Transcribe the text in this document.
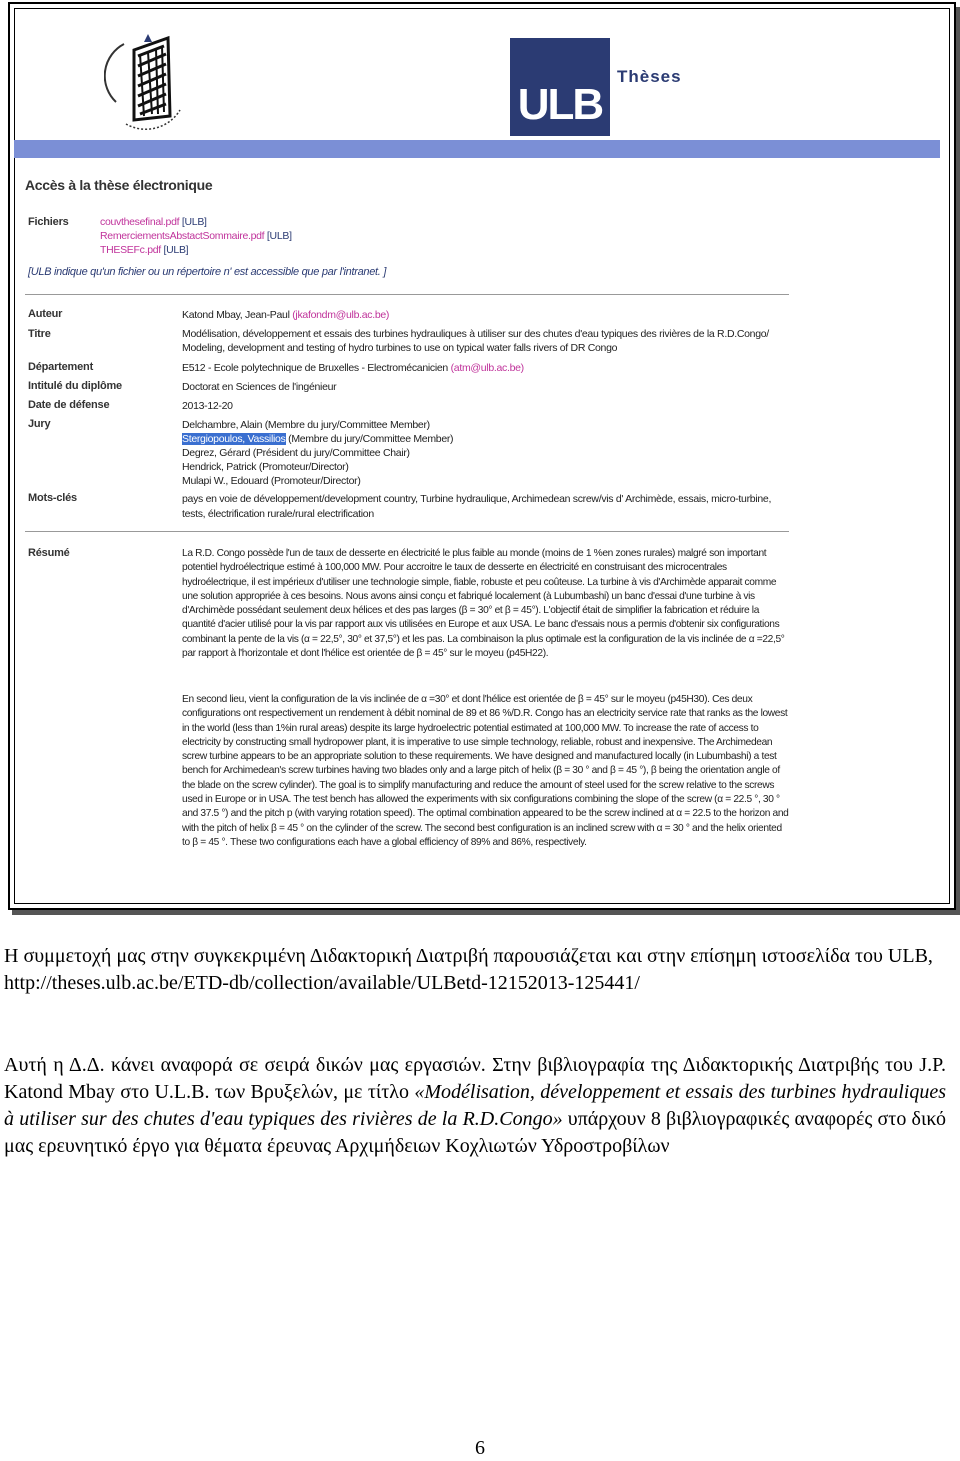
ULB
Thèses
Accès à la thèse électronique
Fichiers	couvthesefinal.pdf [ULB]
RemerciementsAbstactSommaire.pdf [ULB]
THESEFc.pdf [ULB]
[ULB indique qu'un fichier ou un répertoire n' est accessible que par l'intranet. ]
Auteur	Katond Mbay, Jean-Paul (jkafondm@ulb.ac.be)
Titre	Modélisation, développement et essais des turbines hydrauliques à utiliser sur des chutes d'eau typiques des rivières de la R.D.Congo/
Modeling, development and testing of hydro turbines to use on typical water falls rivers of DR Congo
Département	E512 - Ecole polytechnique de Bruxelles - Electromécanicien (atm@ulb.ac.be)
Intitulé du diplôme	Doctorat en Sciences de l'ingénieur
Date de défense	2013-12-20
Jury	Delchambre, Alain (Membre du jury/Committee Member)
Stergiopoulos, Vassilios (Membre du jury/Committee Member)
Degrez, Gérard (Président du jury/Committee Chair)
Hendrick, Patrick (Promoteur/Director)
Mulapi W., Edouard (Promoteur/Director)
Mots-clés	pays en voie de développement/development country, Turbine hydraulique, Archimedean screw/vis d' Archimède, essais, micro-turbine,
tests, électrification rurale/rural electrification
Résumé	La R.D. Congo possède l'un de taux de desserte en électricité le plus faible au monde (moins de 1 %en zones rurales) malgré son important potentiel hydroélectrique estimé à 100,000 MW. Pour accroitre le taux de desserte en électricité en construisant des microcentrales hydroélectrique, il est impérieux d'utiliser une technologie simple, fiable, robuste et peu coûteuse. La turbine à vis d'Archimède apparait comme une solution appropriée à ces besoins. Nous avons ainsi conçu et fabriqué localement (à Lubumbashi) un banc d'essai d'une turbine à vis d'Archimède possédant seulement deux hélices et des pas larges (β = 30° et β = 45°). L'objectif était de simplifier la fabrication et réduire la quantité d'acier utilisé pour la vis par rapport aux vis utilisées en Europe et aux USA. Le banc d'essais nous a permis d'obtenir six configurations combinant la pente de la vis (α = 22,5°, 30° et 37,5°) et les pas. La combinaison la plus optimale est la configuration de la vis inclinée de α =22,5° par rapport à l'horizontale et dont l'hélice est orientée de β = 45° sur le moyeu (p45H22).
En second lieu, vient la configuration de la vis inclinée de α =30° et dont l'hélice est orientée de β = 45° sur le moyeu (p45H30). Ces deux configurations ont respectivement un rendement à débit nominal de 89 et 86 %/D.R. Congo has an electricity service rate that ranks as the lowest in the world (less than 1%in rural areas) despite its large hydroelectric potential estimated at 100,000 MW. To increase the rate of access to electricity by constructing small hydropower plant, it is imperative to use simple technology, reliable, robust and inexpensive. The Archimedean screw turbine appears to be an appropriate solution to these requirements. We have designed and manufactured locally (in Lubumbashi) a test bench for Archimedean's screw turbines having two blades only and a large pitch of helix (β = 30 ° and β = 45 °), β being the orientation angle of the blade on the screw cylinder). The goal is to simplify manufacturing and reduce the amount of steel used for the screw relative to the screws used in Europe or in USA. The test bench has allowed the experiments with six configurations combining the slope of the screw (α = 22.5 °, 30 ° and 37.5 °) and the pitch p (with varying rotation speed). The optimal combination appeared to be the screw inclined at α = 22.5 to the horizon and with the pitch of helix β = 45 ° on the cylinder of the screw. The second best configuration is an inclined screw with α = 30 ° and the helix oriented to β = 45 °. These two configurations each have a global efficiency of 89% and 86%, respectively.
Η συμμετοχή μας στην συγκεκριμένη Διδακτορική Διατριβή παρουσιάζεται και στην επίσημη ιστοσελίδα του ULB,
http://theses.ulb.ac.be/ETD-db/collection/available/ULBetd-12152013-125441/
Αυτή η Δ.Δ. κάνει αναφορά σε σειρά δικών μας εργασιών. Στην βιβλιογραφία της Διδακτορικής Διατριβής του J.P. Katond Mbay στο U.L.B. των Βρυξελών, με τίτλο «Modélisation, développement et essais des turbines hydrauliques à utiliser sur des chutes d'eau typiques des rivières de la R.D.Congo» υπάρχουν 8 βιβλιογραφικές αναφορές στο δικό μας ερευνητικό έργο για θέματα έρευνας Αρχιμήδειων Κοχλιωτών Υδροστροβίλων
6
